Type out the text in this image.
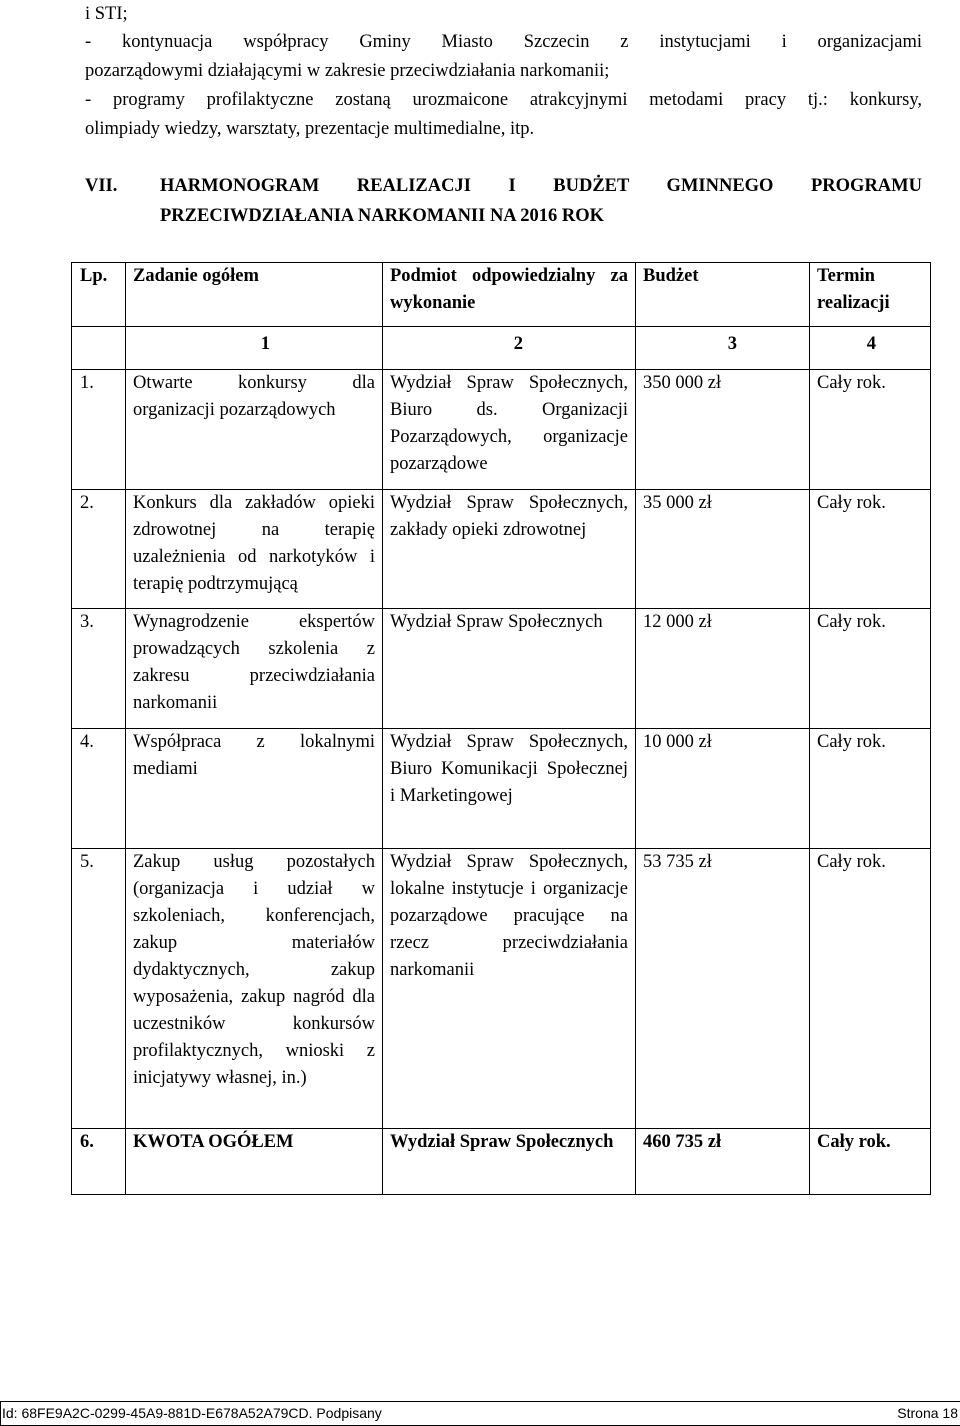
i STI;
- kontynuacja współpracy Gminy Miasto Szczecin z instytucjami i organizacjami
pozarządowymi działającymi w zakresie przeciwdziałania narkomanii;
- programy profilaktyczne zostaną urozmaicone atrakcyjnymi metodami pracy tj.: konkursy,
olimpiady wiedzy, warsztaty, prezentacje multimedialne, itp.
VII. HARMONOGRAM REALIZACJI I BUDŻET GMINNEGO PROGRAMU
PRZECIWDZIAŁANIA NARKOMANII NA 2016 ROK
Lp.	Zadanie ogółem	Podmiot odpowiedzialny za wykonanie	Budżet	Termin realizacji
	1	2	3	4
1.	Otwarte konkursy dla organizacji pozarządowych	Wydział Spraw Społecznych, Biuro ds. Organizacji Pozarządowych, organizacje pozarządowe	350 000 zł	Cały rok.
2.	Konkurs dla zakładów opieki zdrowotnej na terapię uzależnienia od narkotyków i terapię podtrzymującą	Wydział Spraw Społecznych, zakłady opieki zdrowotnej	35 000 zł	Cały rok.
3.	Wynagrodzenie ekspertów prowadzących szkolenia z zakresu przeciwdziałania narkomanii	Wydział Spraw Społecznych	12 000 zł	Cały rok.
4.	Współpraca z lokalnymi mediami	Wydział Spraw Społecznych, Biuro Komunikacji Społecznej i Marketingowej	10 000 zł	Cały rok.
5.	Zakup usług pozostałych (organizacja i udział w szkoleniach, konferencjach, zakup materiałów dydaktycznych, zakup wyposażenia, zakup nagród dla uczestników konkursów profilaktycznych, wnioski z inicjatywy własnej, in.)	Wydział Spraw Społecznych, lokalne instytucje i organizacje pozarządowe pracujące na rzecz przeciwdziałania narkomanii	53 735 zł	Cały rok.
6.	KWOTA OGÓŁEM	Wydział Spraw Społecznych	460 735 zł	Cały rok.
Id: 68FE9A2C-0299-45A9-881D-E678A52A79CD. Podpisany	Strona 18
